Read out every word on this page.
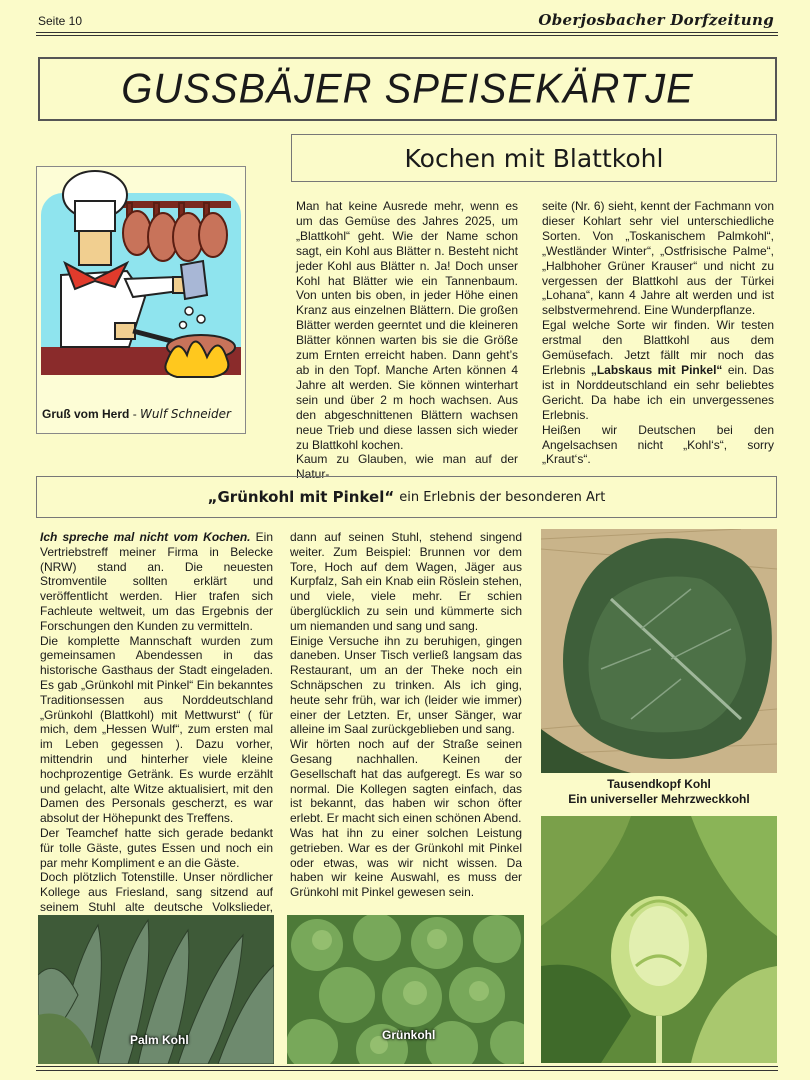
Seite 10	Oberjosbacher Dorfzeitung
GUSSBÄJER SPEISEKÄRTJE
Kochen mit Blattkohl
Gruß vom Herd - Wulf Schneider

Man hat keine Ausrede mehr, wenn es um das Gemüse des Jahres 2025, um „Blattkohl“ geht. Wie der Name schon sagt, ein Kohl aus Blätter n. Besteht nicht jeder Kohl aus Blätter n. Ja! Doch unser Kohl hat Blätter wie ein Tannenbaum. Von unten bis oben, in jeder Höhe einen Kranz aus einzelnen Blättern. Die großen Blätter werden geerntet und die kleineren Blätter können warten bis sie die Größe zum Ernten erreicht haben. Dann geht’s ab in den Topf. Manche Arten können 4 Jahre alt werden. Sie können winterhart sein und über 2 m hoch wachsen. Aus den abgeschnittenen Blättern wachsen neue Trieb und diese lassen sich wieder zu Blattkohl kochen.

Kaum zu Glauben, wie man auf der Natur-

seite (Nr. 6) sieht, kennt der Fachmann von dieser Kohlart sehr viel unterschiedliche Sorten. Von „Toskanischem Palmkohl“, „Westländer Winter“, „Ostfrisische Palme“, „Halbhoher Grüner Krauser“ und nicht zu vergessen der Blattkohl aus der Türkei „Lohana“, kann 4 Jahre alt werden und ist selbstvermehrend. Eine Wunderpflanze.

Egal welche Sorte wir finden. Wir testen erstmal den Blattkohl aus dem Gemüsefach. Jetzt fällt mir noch das Erlebnis „Labskaus mit Pinkel“ ein. Das ist in Norddeutschland ein sehr beliebtes Gericht. Da habe ich ein unvergessenes Erlebnis.

Heißen wir Deutschen bei den Angelsachsen nicht „Kohl‘s“, sorry „Kraut‘s“.

„Grünkohl mit Pinkel“ ein Erlebnis der besonderen Art

Ich spreche mal nicht vom Kochen. Ein Vertriebstreff meiner Firma in Belecke (NRW) stand an. Die neuesten Stromventile sollten erklärt und veröffentlicht werden. Hier trafen sich Fachleute weltweit, um das Ergebnis der Forschungen den Kunden zu vermitteln.

Die komplette Mannschaft wurden zum gemeinsamen Abendessen in das historische Gasthaus der Stadt eingeladen. Es gab „Grünkohl mit Pinkel“ Ein bekanntes Traditionsessen aus Norddeutschland „Grünkohl (Blattkohl) mit Mettwurst“ ( für mich, dem „Hessen Wulf“, zum ersten mal im Leben gegessen ). Dazu vorher, mittendrin und hinterher viele kleine hochprozentige Getränk. Es wurde erzählt und gelacht, alte Witze aktualisiert, mit den Damen des Personals gescherzt, es war absolut der Höhepunkt des Treffens.

Der Teamchef hatte sich gerade bedankt für tolle Gäste, gutes Essen und noch ein par mehr Kompliment e an die Gäste.

Doch plötzlich Totenstille. Unser nördlicher Kollege aus Friesland, sang sitzend auf seinem Stuhl alte deutsche Volkslieder,

dann auf seinen Stuhl, stehend singend weiter. Zum Beispiel: Brunnen vor dem Tore, Hoch auf dem Wagen, Jäger aus Kurpfalz, Sah ein Knab eiin Röslein stehen, und viele, viele mehr. Er schien überglücklich zu sein und kümmerte sich um niemanden und sang und sang.

Einige Versuche ihn zu beruhigen, gingen daneben. Unser Tisch verließ langsam das Restaurant, um an der Theke noch ein Schnäpschen zu trinken. Als ich ging, heute sehr früh, war ich (leider wie immer) einer der Letzten. Er, unser Sänger, war alleine im Saal zurückgeblieben und sang.

Wir hörten noch auf der Straße seinen Gesang nachhallen. Keinen der Gesellschaft hat das aufgeregt. Es war so normal. Die Kollegen sagten einfach, das ist bekannt, das haben wir schon öfter erlebt. Er macht sich einen schönen Abend.

Was hat ihn zu einer solchen Leistung getrieben. War es der Grünkohl mit Pinkel oder etwas, was wir nicht wissen. Da haben wir keine Auswahl, es muss der Grünkohl mit Pinkel gewesen sein.

Tausendkopf Kohl
Ein universeller Mehrzweckkohl
Palm Kohl	Grünkohl
